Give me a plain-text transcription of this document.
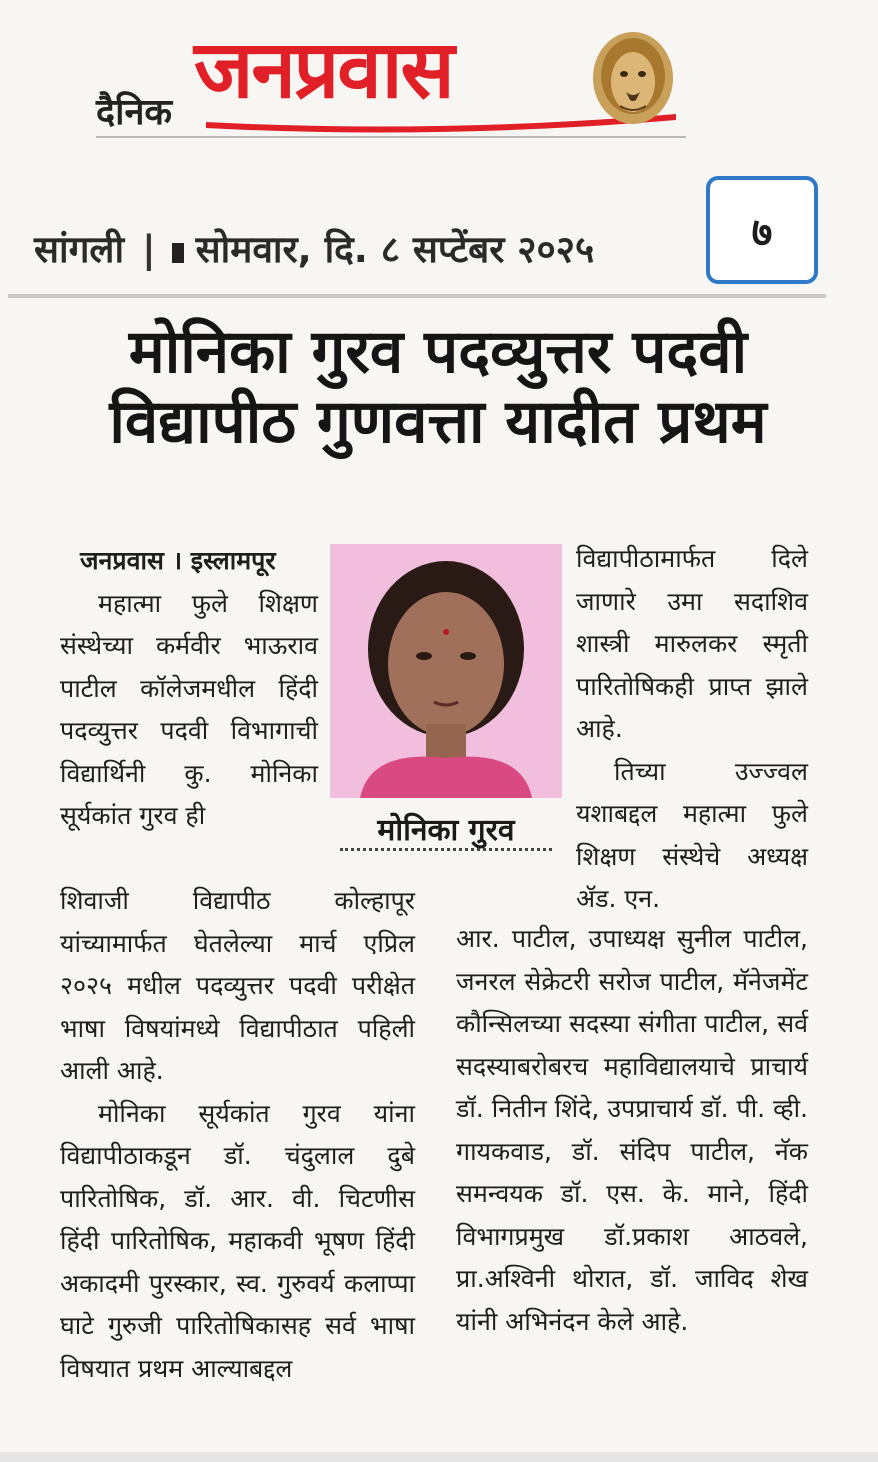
दैनिक जनप्रवास
सांगली | सोमवार, दि. ८ सप्टेंबर २०२५	७
मोनिका गुरव पदव्युत्तर पदवी
विद्यापीठ गुणवत्ता यादीत प्रथम

जनप्रवास । इस्लामपूर

महात्मा फुले शिक्षण संस्थेच्या कर्मवीर भाऊराव पाटील कॉलेजमधील हिंदी पदव्युत्तर पदवी विभागाची विद्यार्थिनी कु. मोनिका सूर्यकांत गुरव ही

शिवाजी विद्यापीठ कोल्हापूर यांच्यामार्फत घेतलेल्या मार्च एप्रिल २०२५ मधील पदव्युत्तर पदवी परीक्षेत भाषा विषयांमध्ये विद्यापीठात पहिली आली आहे.

मोनिका सूर्यकांत गुरव यांना विद्यापीठाकडून डॉ. चंदुलाल दुबे पारितोषिक, डॉ. आर. वी. चिटणीस हिंदी पारितोषिक, महाकवी भूषण हिंदी अकादमी पुरस्कार, स्व. गुरुवर्य कलाप्पा घाटे गुरुजी पारितोषिकासह सर्व भाषा विषयात प्रथम आल्याबद्दल

मोनिका गुरव

विद्यापीठामार्फत दिले जाणारे उमा सदाशिव शास्त्री मारुलकर स्मृती पारितोषिकही प्राप्त झाले आहे.

तिच्या उज्ज्वल यशाबद्दल महात्मा फुले शिक्षण संस्थेचे अध्यक्ष ॲड. एन.

आर. पाटील, उपाध्यक्ष सुनील पाटील, जनरल सेक्रेटरी सरोज पाटील, मॅनेजमेंट कौन्सिलच्या सदस्या संगीता पाटील, सर्व सदस्याबरोबरच महाविद्यालयाचे प्राचार्य डॉ. नितीन शिंदे, उपप्राचार्य डॉ. पी. व्ही. गायकवाड, डॉ. संदिप पाटील, नॅक समन्वयक डॉ. एस. के. माने, हिंदी विभागप्रमुख डॉ.प्रकाश आठवले, प्रा.अश्विनी थोरात, डॉ. जाविद शेख यांनी अभिनंदन केले आहे.
